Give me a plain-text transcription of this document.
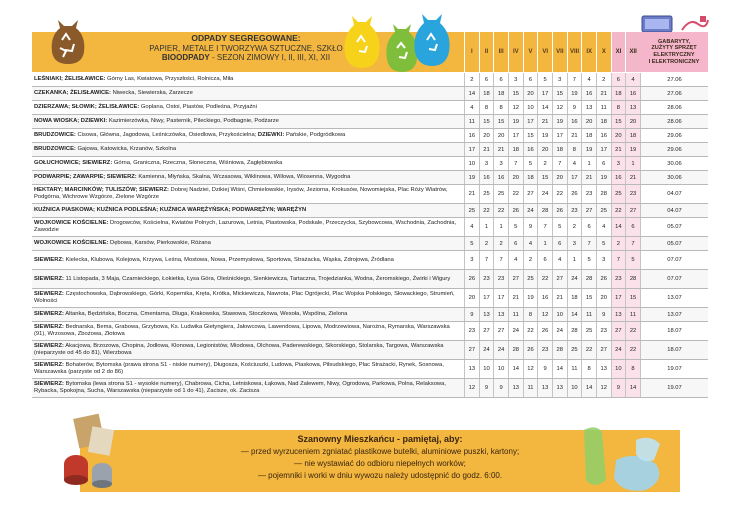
ODPADY SEGREGOWANE:
PAPIER, METALE I TWORZYWA SZTUCZNE, SZKŁO
BIOODPADY - SEZON ZIMOWY I, II, III, XI, XII
I	II	III	IV	V	VI	VII	VIII	IX	X	XI	XII
GABARYTY,
ZUŻYTY SPRZĘT
ELEKTRYCZNY
I ELEKTRONICZNY
LEŚNIAKI; ŻELISŁAWICE: Górny Las, Kwiatowa, Przyszłości, Rolnicza, Miła	2	6	6	3	6	5	3	7	4	2	6	4	27.06
CZEKANKA; ŻELISŁAWICE: Niwecka, Siewierska, Zarzecze	14	18	18	15	20	17	15	19	16	21	18	16	27.06
DZIERZAWA; SŁOWIK; ŻELISŁAWICE: Goplana, Ostoi, Piastów, Podleśna, Przyjaźni	4	8	8	12	10	14	12	9	13	11	8	13	28.06
NOWA WIOSKA; DZIEWKI: Kazimierzówka, Niwy, Pasternik, Pileckiego, Podbagnie, Podżarze	11	15	15	19	17	21	19	16	20	18	15	20	28.06
BRUDZOWICE: Cisowa, Główna, Jagodowa, Leśniczówka, Osiedlowa, Przykościelna; DZIEWKI: Pańskie, Podgródkowa	16	20	20	17	15	19	17	21	18	16	20	18	29.06
BRUDZOWICE: Gajowa, Katowicka, Krzanów, Szkolna	17	21	21	18	16	20	18	8	19	17	21	19	29.06
GOŁUCHOWICE; SIEWIERZ: Górna, Graniczna, Rzeczna, Słoneczna, Wiśniowa, Zagłębiowska	10	3	3	7	5	2	7	4	1	6	3	1	30.06
PODWARPIE; ZAWARPIE; SIEWIERZ: Kamienna, Młyńska, Skalna, Wczasowa, Wiklinowa, Willowa, Wiosenna, Wygodna	19	16	16	20	18	15	20	17	21	19	16	21	30.06
HEKTARY; MARCINKÓW; TULISZÓW; SIEWIERZ: Dobrej Nadziei, Dzikiej Wiśni, Chmielowskie, Irysów, Jeziorna, Krokusów, Nowomiejska, Plac Róży Wiatrów, Podgórna, Wichrowe Wzgórze, Zielone Wzgórze	21	25	25	22	27	24	22	26	23	28	25	23	04.07
KUŹNICA PIASKOWA; KUŹNICA PODLEŚNA; KUŹNICA WARĘŻYŃSKA; PODWARĘŻYN; WARĘŻYN	25	22	22	26	24	28	26	23	27	25	22	27	04.07
WOJKOWICE KOŚCIELNE: Drogowców, Kościelna, Kwiatów Polnych, Lazurowa, Letnia, Piastowska, Podskale, Przeczycka, Szybowcowa, Wschodnia, Zachodnia, Zawodzie	4	1	1	5	9	7	5	2	6	4	14	6	05.07
WOJKOWICE KOŚCIELNE: Dębowa, Karsów, Pierkowskie, Różana	5	2	2	6	4	1	6	3	7	5	2	7	05.07
SIEWIERZ: Kielecka, Klubowa, Kolejowa, Krzywa, Leśna, Mostowa, Nowa, Przemysłowa, Sportowa, Strażacka, Wąska, Zdrojowa, Źródlana	3	7	7	4	2	6	4	1	5	3	7	5	07.07
SIEWIERZ: 11 Listopada, 3 Maja, Czarnieckiego, Łokietka, Łysa Góra, Oleśnickiego, Sienkiewicza, Tartaczna, Trojedzianka, Wodna, Żeromskiego, Żwirki i Wigury	26	23	23	27	25	22	27	24	28	26	23	28	07.07
SIEWIERZ: Częstochowska, Dąbrowskiego, Górki, Kopernika, Kręta, Krótka, Mickiewicza, Nawrota, Plac Ogrójecki, Plac Wojska Polskiego, Słowackiego, Strumień, Wolności	20	17	17	21	19	16	21	18	15	20	17	15	13.07
SIEWIERZ: Altanka, Będzińska, Boczna, Cmentarna, Długa, Krakowska, Stawowa, Stoczkowa, Wesoła, Wspólna, Zielona	9	13	13	11	8	12	10	14	11	9	13	11	13.07
SIEWIERZ: Bednarska, Bema, Grabowa, Grzybowa, Ks. Ludwika Gietyngiera, Jałowcowa, Lawendowa, Lipowa, Modrzewiowa, Narożna, Rymarska, Warszawska (91), Wrzosowa, Zbożowa, Złotowa	23	27	27	24	22	26	24	28	25	23	27	22	18.07
SIEWIERZ: Akacjowa, Brzozowa, Chopina, Jodłowa, Klonowa, Legionistów, Miodowa, Olchowa, Paderewskiego, Sikorskiego, Stolarska, Targowa, Warszawska (nieparzyste od 45 do 81), Wierzbowa	27	24	24	28	26	23	28	25	22	27	24	22	18.07
SIEWIERZ: Bohaterów, Bytomska (prawa strona S1 - niskie numery), Długosza, Kościuszki, Ludowa, Piaskowa, Piłsudskiego, Plac Strażacki, Rynek, Sosnowa, Warszawska (parzyste od 2 do 86)	13	10	10	14	12	9	14	11	8	13	10	8	19.07
SIEWIERZ: Bytomska (lewa strona S1 - wysokie numery), Chabrowa, Cicha, Letniskowa, Łąkowa, Nad Zalewem, Niwy, Ogrodowa, Parkowa, Polna, Relaksowa, Rybacka, Spokojna, Sucha, Warszawska (nieparzyste od 1 do 41), Zaciszе, ok. Zacisza	12	9	9	13	11	13	13	10	14	12	9	14	19.07
Szanowny Mieszkańcu - pamiętaj, aby:
— przed wyrzuceniem zgniatać plastikowe butelki, aluminiowe puszki, kartony;
— nie wystawiać do odbioru niepełnych worków;
— pojemniki i worki w dniu wywozu należy udostępnić do godz. 6:00.
